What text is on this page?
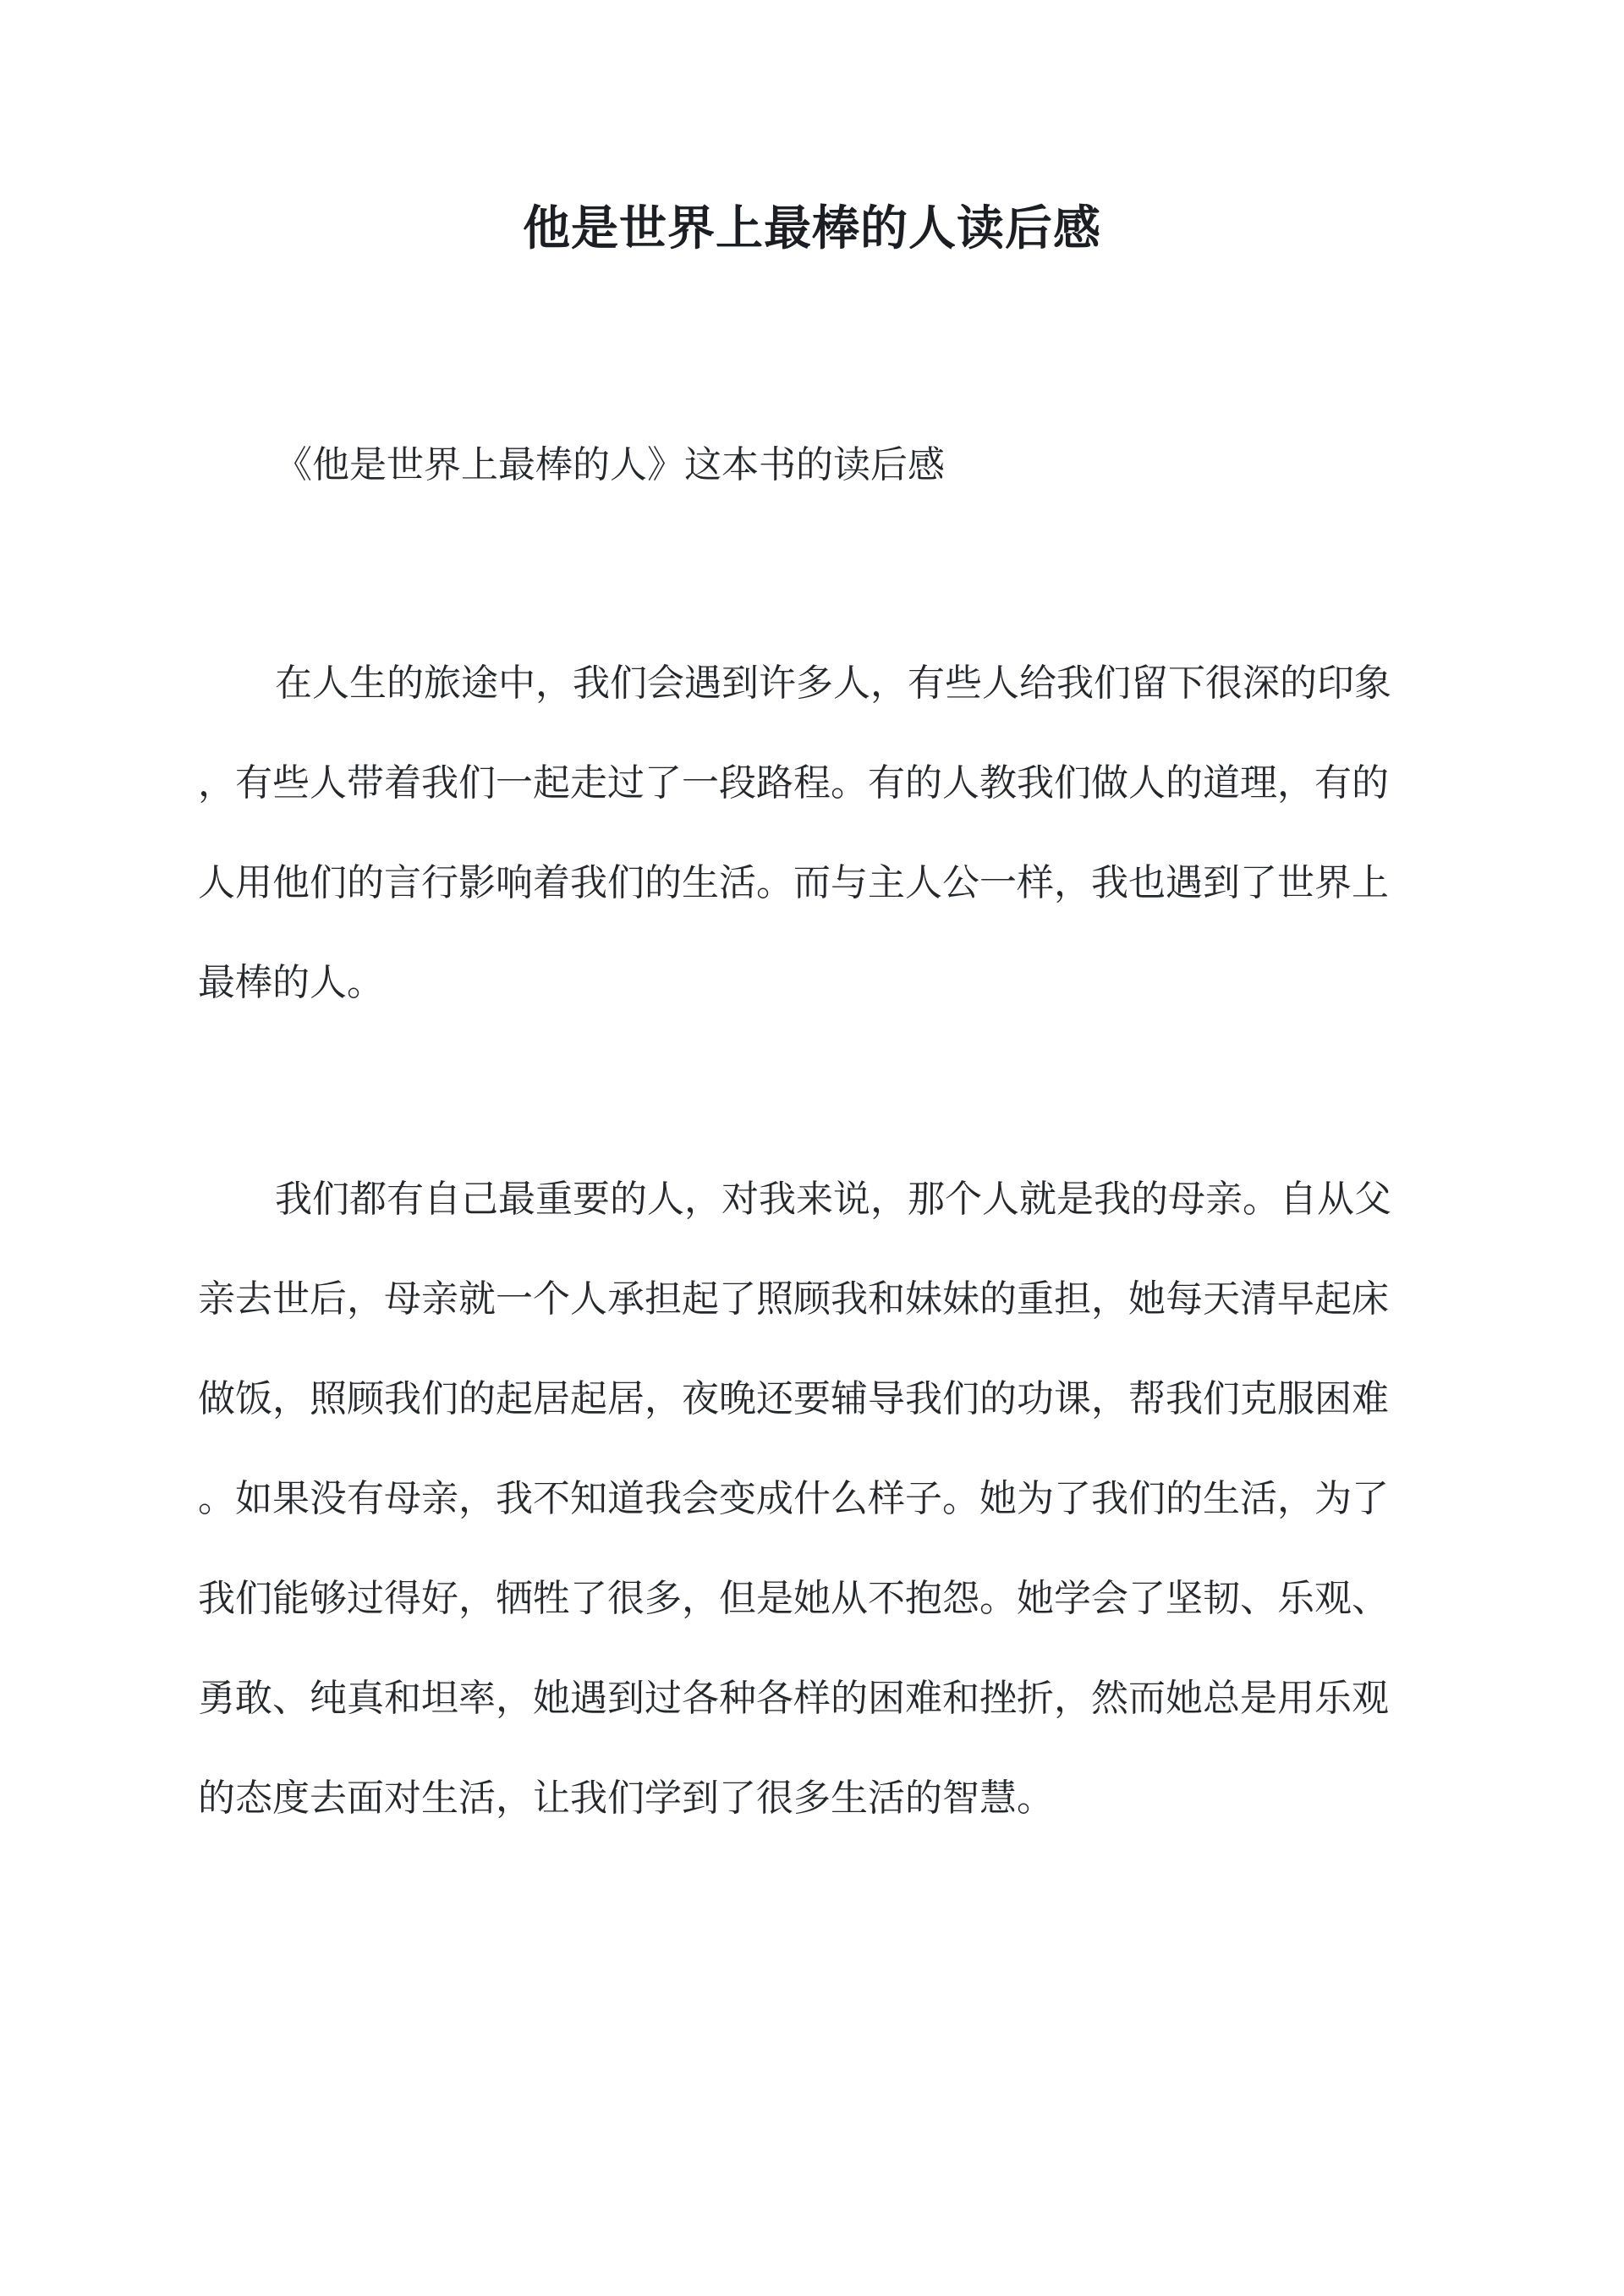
他是世界上最棒的人读后感
《他是世界上最棒的人》这本书的读后感
在人生的旅途中，我们会遇到许多人，有些人给我们留下很深的印象
，有些人带着我们一起走过了一段路程。有的人教我们做人的道理，有的
人用他们的言行影响着我们的生活。而与主人公一样，我也遇到了世界上
最棒的人。
我们都有自己最重要的人，对我来说，那个人就是我的母亲。自从父
亲去世后，母亲就一个人承担起了照顾我和妹妹的重担，她每天清早起床
做饭，照顾我们的起居起居，夜晚还要辅导我们的功课，帮我们克服困难
。如果没有母亲，我不知道我会变成什么样子。她为了我们的生活，为了
我们能够过得好，牺牲了很多，但是她从不抱怨。她学会了坚韧、乐观、
勇敢、纯真和坦率，她遇到过各种各样的困难和挫折，然而她总是用乐观
的态度去面对生活，让我们学到了很多生活的智慧。
